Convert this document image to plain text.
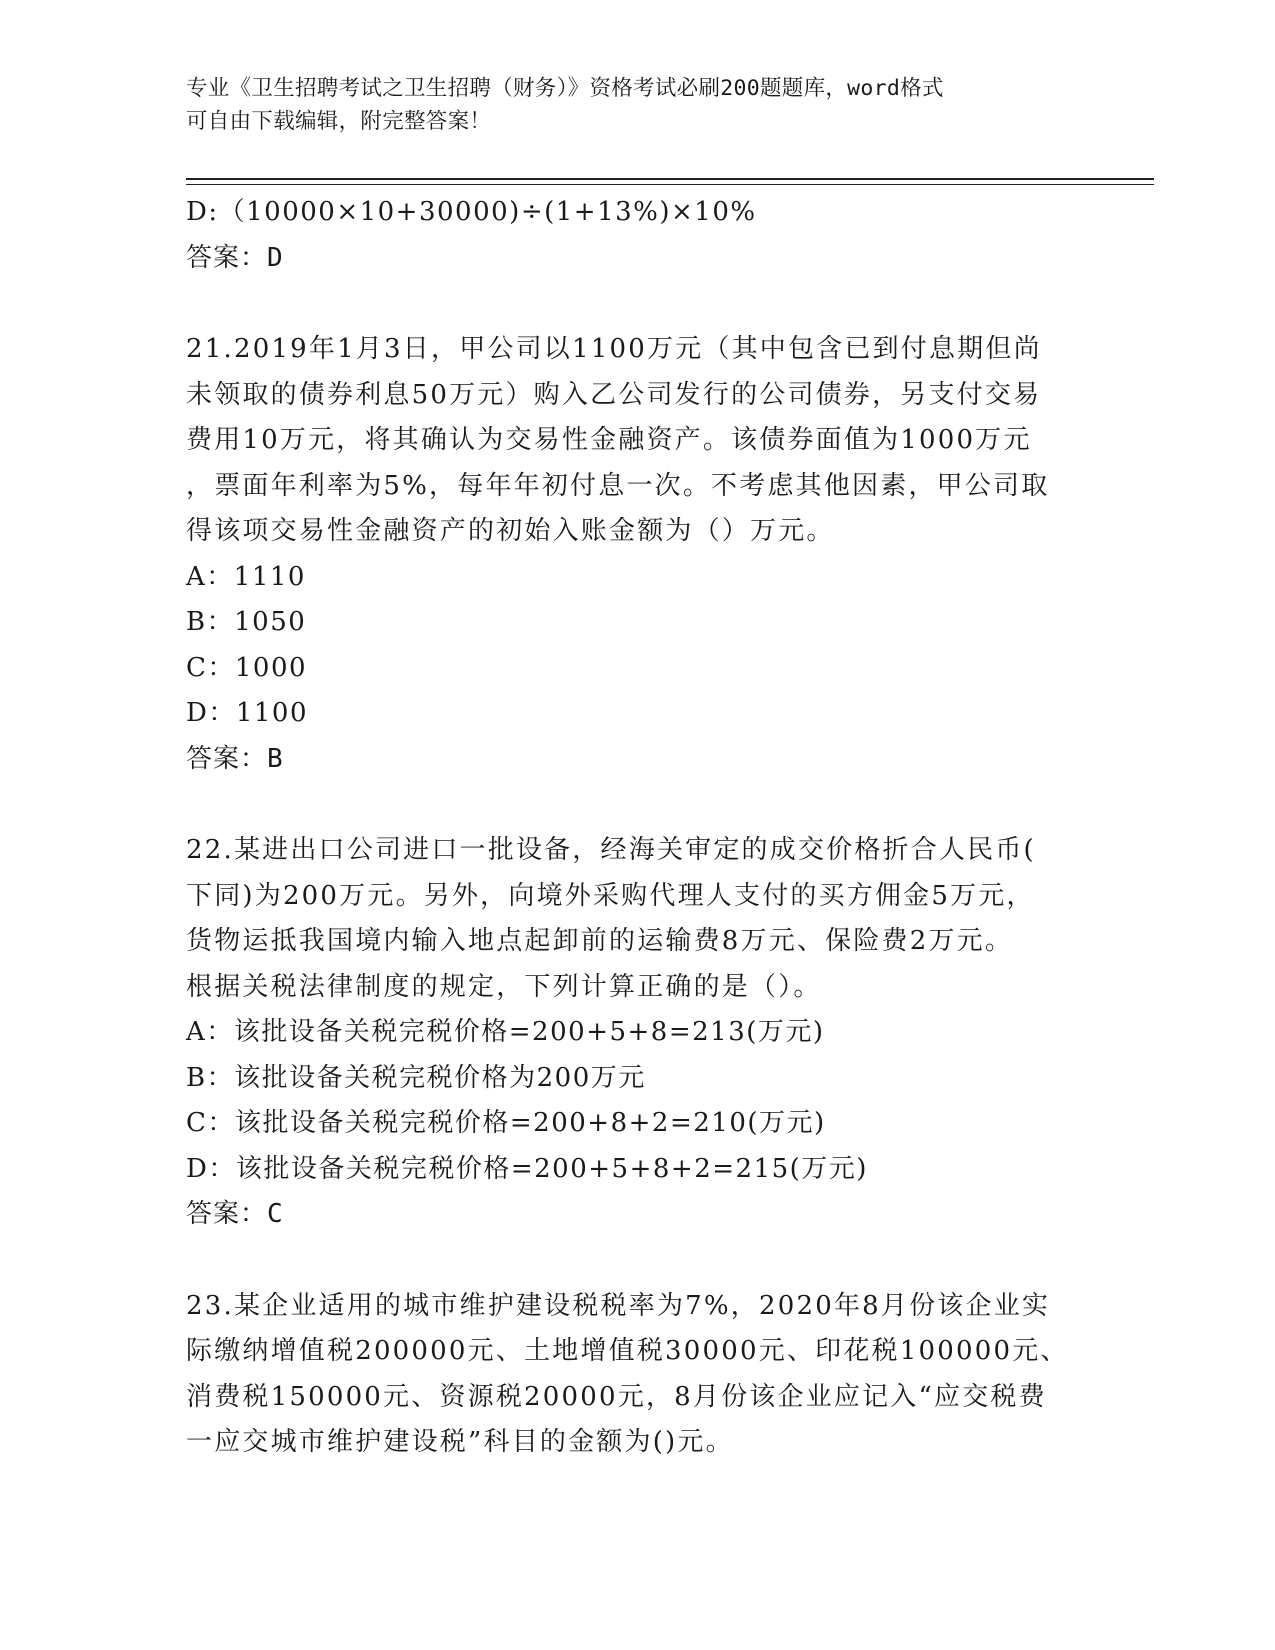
专业《卫生招聘考试之卫生招聘（财务）》资格考试必刷200题题库，word格式
可自由下载编辑，附完整答案！
D:（10000×10+30000)÷(1+13%)×10%
答案：D
21.2019年1月3日，甲公司以1100万元（其中包含已到付息期但尚
未领取的债券利息50万元）购入乙公司发行的公司债券，另支付交易
费用10万元，将其确认为交易性金融资产。该债券面值为1000万元
，票面年利率为5%，每年年初付息一次。不考虑其他因素，甲公司取
得该项交易性金融资产的初始入账金额为（）万元。
A：1110
B：1050
C：1000
D：1100
答案：B
22.某进出口公司进口一批设备，经海关审定的成交价格折合人民币(
下同)为200万元。另外，向境外采购代理人支付的买方佣金5万元，
货物运抵我国境内输入地点起卸前的运输费8万元、保险费2万元。
根据关税法律制度的规定，下列计算正确的是（）。
A：该批设备关税完税价格=200+5+8=213(万元)
B：该批设备关税完税价格为200万元
C：该批设备关税完税价格=200+8+2=210(万元)
D：该批设备关税完税价格=200+5+8+2=215(万元)
答案：C
23.某企业适用的城市维护建设税税率为7%，2020年8月份该企业实
际缴纳增值税200000元、土地增值税30000元、印花税100000元、
消费税150000元、资源税20000元，8月份该企业应记入“应交税费
一应交城市维护建设税”科目的金额为()元。
